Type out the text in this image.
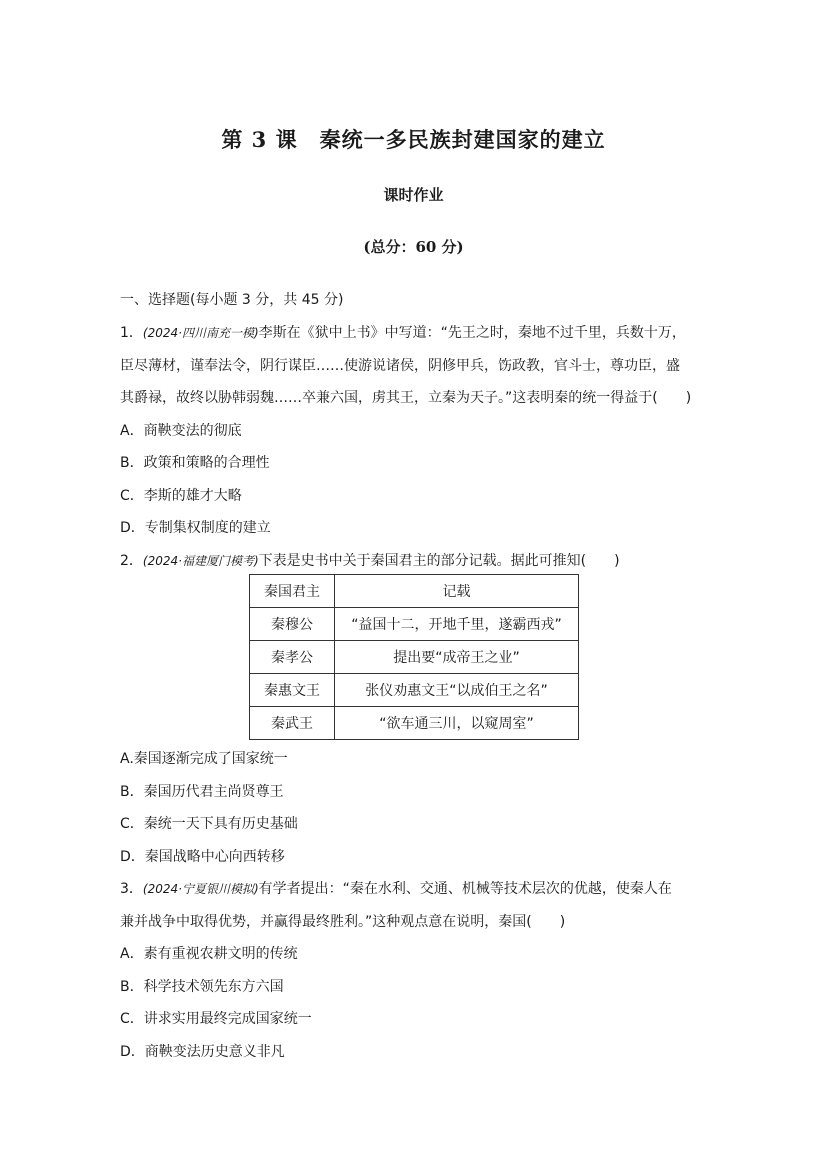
第 3 课　秦统一多民族封建国家的建立
课时作业
(总分：60 分)
一、选择题(每小题 3 分，共 45 分)
1．(2024·四川南充一模)李斯在《狱中上书》中写道：“先王之时，秦地不过千里，兵数十万，
臣尽薄材，谨奉法令，阴行谋臣……使游说诸侯，阴修甲兵，饬政教，官斗士，尊功臣，盛
其爵禄，故终以胁韩弱魏……卒兼六国，虏其王，立秦为天子。”这表明秦的统一得益于(　　)
A．商鞅变法的彻底
B．政策和策略的合理性
C．李斯的雄才大略
D．专制集权制度的建立
2．(2024·福建厦门模考)下表是史书中关于秦国君主的部分记载。据此可推知(　　)
秦国君主	记载
秦穆公	“益国十二，开地千里，遂霸西戎”
秦孝公	提出要“成帝王之业”
秦惠文王	张仪劝惠文王“以成伯王之名”
秦武王	“欲车通三川，以窥周室”
A.秦国逐渐完成了国家统一
B．秦国历代君主尚贤尊王
C．秦统一天下具有历史基础
D．秦国战略中心向西转移
3．(2024·宁夏银川模拟)有学者提出：“秦在水利、交通、机械等技术层次的优越，使秦人在
兼并战争中取得优势，并赢得最终胜利。”这种观点意在说明，秦国(　　)
A．素有重视农耕文明的传统
B．科学技术领先东方六国
C．讲求实用最终完成国家统一
D．商鞅变法历史意义非凡
